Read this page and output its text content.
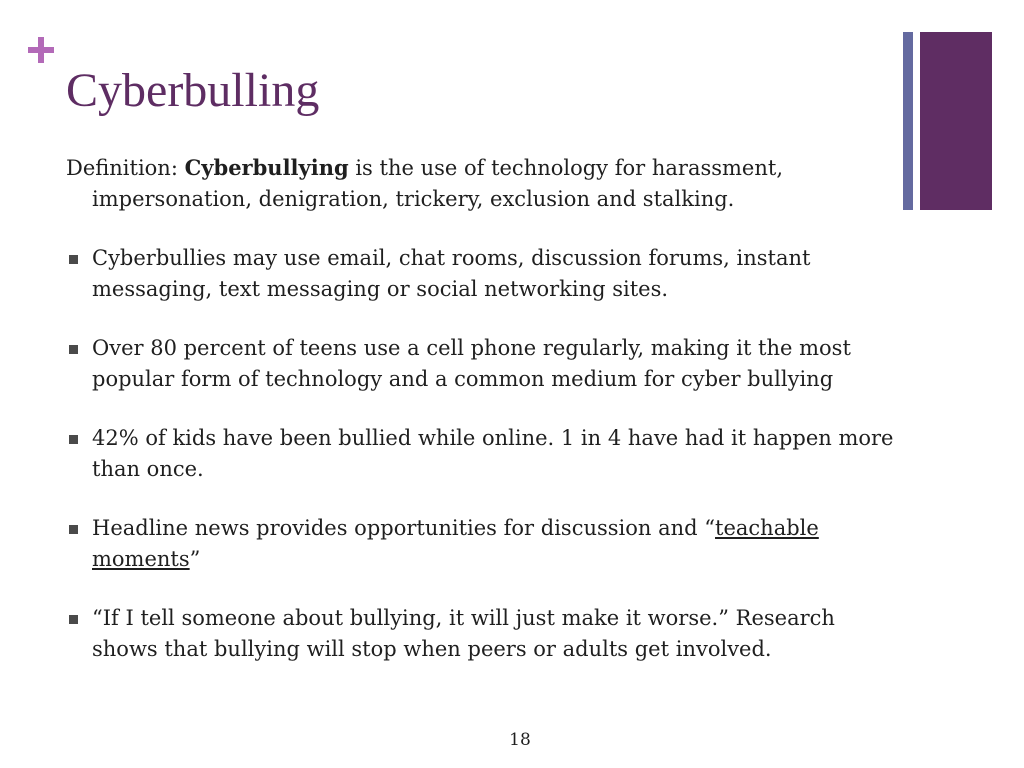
Cyberbulling
Definition: Cyberbullying is the use of technology for harassment, impersonation, denigration, trickery, exclusion and stalking.
Cyberbullies may use email, chat rooms, discussion forums, instant messaging, text messaging or social networking sites.
Over 80 percent of teens use a cell phone regularly, making it the most popular form of technology and a common medium for cyber bullying
42% of kids have been bullied while online. 1 in 4 have had it happen more than once.
Headline news provides opportunities for discussion and “teachable moments”
“If I tell someone about bullying, it will just make it worse.” Research shows that bullying will stop when peers or adults get involved.
18
